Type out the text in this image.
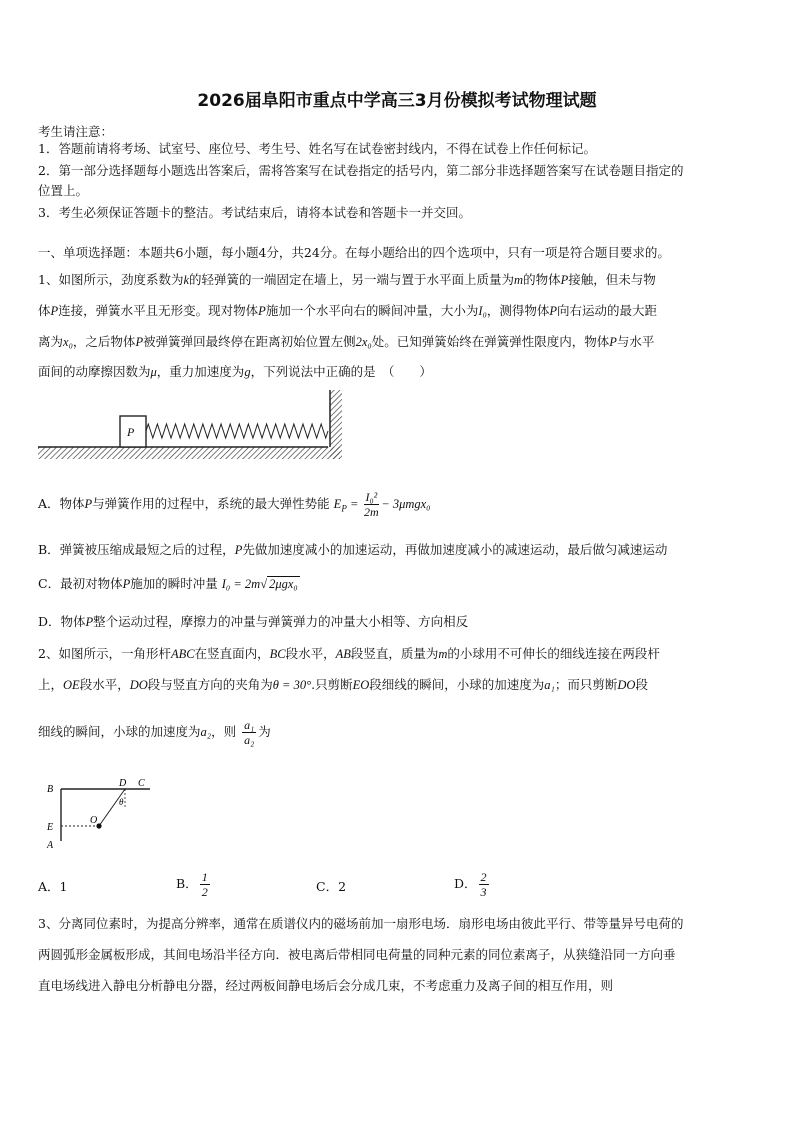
2026届阜阳市重点中学高三3月份模拟考试物理试题
考生请注意：
1．答题前请将考场、试室号、座位号、考生号、姓名写在试卷密封线内，不得在试卷上作任何标记。
2．第一部分选择题每小题选出答案后，需将答案写在试卷指定的括号内，第二部分非选择题答案写在试卷题目指定的
位置上。
3．考生必须保证答题卡的整洁。考试结束后，请将本试卷和答题卡一并交回。
一、单项选择题：本题共6小题，每小题4分，共24分。在每小题给出的四个选项中，只有一项是符合题目要求的。
1、如图所示，劲度系数为k的轻弹簧的一端固定在墙上，另一端与置于水平面上质量为m的物体P接触，但未与物
体P连接，弹簧水平且无形变。现对物体P施加一个水平向右的瞬间冲量，大小为I₀，测得物体P向右运动的最大距
离为x₀，之后物体P被弹簧弹回最终停在距离初始位置左侧2x₀处。已知弹簧始终在弹簧弹性限度内，物体P与水平
面间的动摩擦因数为μ，重力加速度为g，下列说法中正确的是　（　　）
P
A．物体P与弹簧作用的过程中，系统的最大弹性势能 $E_P = \frac{\text{I₀²}}{2m} - 3\mu mgx_0$
B．弹簧被压缩成最短之后的过程，P先做加速度减小的加速运动，再做加速度减小的减速运动，最后做匀减速运动
C．最初对物体P施加的瞬时冲量 I₀ = 2m√ 2μgx₀
D．物体P整个运动过程，摩擦力的冲量与弹簧弹力的冲量大小相等、方向相反
2、如图所示，一角形杆ABC在竖直面内，BC段水平，AB段竖直，质量为m的小球用不可伸长的细线连接在两段杆
上，OE段水平，DO段与竖直方向的夹角为θ = 30°.只剪断EO段细线的瞬间，小球的加速度为a₁；而只剪断DO段
细线的瞬间，小球的加速度为a₂，则 $\frac{\text{a₁}}{\text{a₂}}$ 为
B
D C
θ
E
O
A
A．1	B． $\frac{1}{2}$	C．2	D． $\frac{2}{3}$
3、分离同位素时，为提高分辨率，通常在质谱仪内的磁场前加一扇形电场．扇形电场由彼此平行、带等量异号电荷的
两圆弧形金属板形成，其间电场沿半径方向．被电离后带相同电荷量的同种元素的同位素离子，从狭缝沿同一方向垂
直电场线进入静电分析静电分器，经过两板间静电场后会分成几束，不考虑重力及离子间的相互作用，则
